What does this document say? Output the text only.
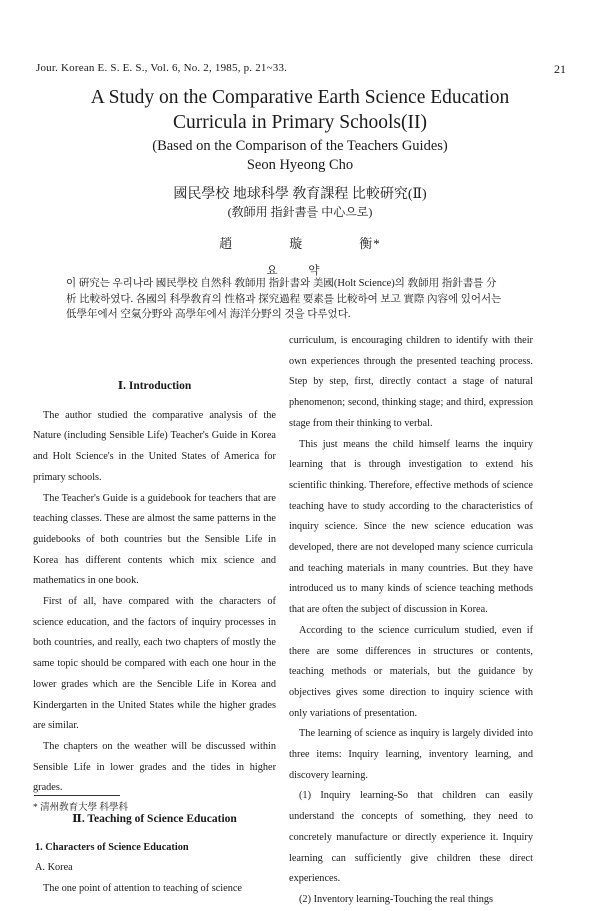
Jour. Korean E. S. E. S., Vol. 6, No. 2, 1985, p. 21~33.	21
A Study on the Comparative Earth Science Education
Curricula in Primary Schools(II)
(Based on the Comparison of the Teachers Guides)
Seon Hyeong Cho
國民學校 地球科學 敎育課程 比較硏究(Ⅱ)
(敎師用 指針書를 中心으로)
趙	璇	衡*
요 약
이 硏究는 우리나라 國民學校 自然科 敎師用 指針書와 美國(Holt Science)의 敎師用 指針書를 分
析 比較하였다. 各國의 科學敎育의 性格과 探究過程 要素를 比較하여 보고 實際 內容에 있어서는
低學年에서 空氣分野와 高學年에서 海洋分野의 것을 다루었다.

Ⅰ. Introduction

The author studied the comparative analysis of the Nature (including Sensible Life) Teacher's Guide in Korea and Holt Science's in the United States of America for primary schools.

The Teacher's Guide is a guidebook for teachers that are teaching classes. These are almost the same patterns in the guidebooks of both countries but the Sensible Life in Korea has different contents which mix science and mathematics in one book.

First of all, have compared with the characters of science education, and the factors of inquiry processes in both countries, and really, each two chapters of mostly the same topic should be compared with each one hour in the lower grades which are the Sencible Life in Korea and Kindergarten in the United States while the higher grades are similar.

The chapters on the weather will be discussed within Sensible Life in lower grades and the tides in higher grades.

Ⅱ. Teaching of Science Education

1. Characters of Science Education

A. Korea

The one point of attention to teaching of science

curriculum, is encouraging children to identify with their own experiences through the presented teaching process. Step by step, first, directly contact a stage of natural phenomenon; second, thinking stage; and third, expression stage from their thinking to verbal.

This just means the child himself learns the inquiry learning that is through investigation to extend his scientific thinking. Therefore, effective methods of science teaching have to study according to the characteristics of inquiry science. Since the new science education was developed, there are not developed many science curricula and teaching materials in many countries. But they have introduced us to many kinds of science teaching methods that are often the subject of discussion in Korea.

According to the science curriculum studied, even if there are some differences in structures or contents, teaching methods or materials, but the guidance by objectives gives some direction to inquiry science with only variations of presentation.

The learning of science as inquiry is largely divided into three items: Inquiry learning, inventory learning, and discovery learning.

(1) Inquiry learning-So that children can easily understand the concepts of something, they need to concretely manufacture or directly experience it. Inquiry learning can sufficiently give children these direct experiences.

(2) Inventory learning-Touching the real things

* 淸州敎育大學 科學科
